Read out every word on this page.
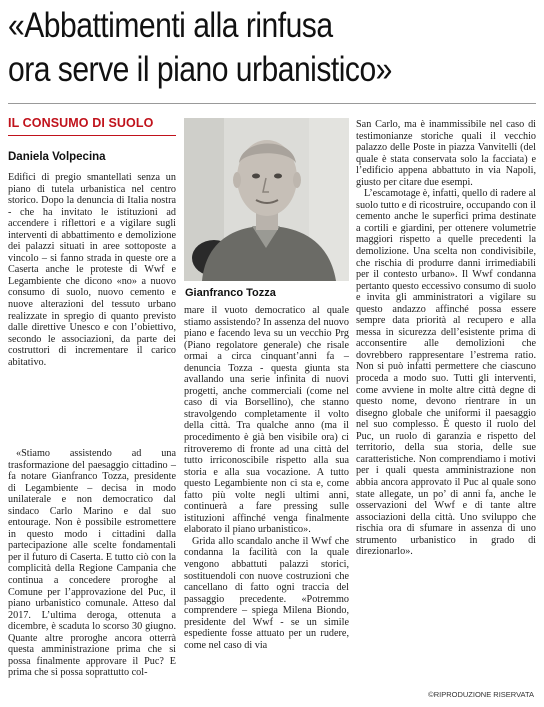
«Abbattimenti alla rinfusa
ora serve il piano urbanistico»
IL CONSUMO DI SUOLO

Daniela Volpecina

Edifici di pregio smantellati senza un piano di tutela urbanistica nel centro storico. Dopo la denuncia di Italia nostra - che ha invitato le istituzioni ad accendere i riflettori e a vigilare sugli interventi di abbattimento e demolizione dei palazzi situati in aree sottoposte a vincolo – si fanno strada in queste ore a Caserta anche le proteste di Wwf e Legambiente che dicono «no» a nuovo consumo di suolo, nuovo cemento e nuove alterazioni del tessuto urbano realizzate in spregio di quanto previsto dalle direttive Unesco e con l’obiettivo, secondo le associazioni, da parte dei costruttori di incrementare il carico abitativo.

«Stiamo assistendo ad una trasformazione del paesaggio cittadino – fa notare Gianfranco Tozza, presidente di Legambiente – decisa in modo unilaterale e non democratico dal sindaco Carlo Marino e dal suo entourage. Non è possibile estromettere in questo modo i cittadini dalla partecipazione alle scelte fondamentali per il futuro di Caserta. E tutto ciò con la complicità della Regione Campania che continua a concedere proroghe al Comune per l’approvazione del Puc, il piano urbanistico comunale. Atteso dal 2017. L’ultima deroga, ottenuta a dicembre, è scaduta lo scorso 30 giugno. Quante altre proroghe ancora otterrà questa amministrazione prima che si possa finalmente approvare il Puc? E prima che si possa soprattutto col-

Gianfranco Tozza

mare il vuoto democratico al quale stiamo assistendo? In assenza del nuovo piano e facendo leva su un vecchio Prg (Piano regolatore generale) che risale ormai a circa cinquant’anni fa – denuncia Tozza - questa giunta sta avallando una serie infinita di nuovi progetti, anche commerciali (come nel caso di via Borsellino), che stanno stravolgendo completamente il volto della città. Tra qualche anno (ma il procedimento è già ben visibile ora) ci ritroveremo di fronte ad una città del tutto irriconoscibile rispetto alla sua storia e alla sua vocazione. A tutto questo Legambiente non ci sta e, come fatto più volte negli ultimi anni, continuerà a fare pressing sulle istituzioni affinché venga finalmente elaborato il piano urbanistico».

Grida allo scandalo anche il Wwf che condanna la facilità con la quale vengono abbattuti palazzi storici, sostituendoli con nuove costruzioni che cancellano di fatto ogni traccia del passaggio precedente. «Potremmo comprendere – spiega Milena Biondo, presidente del Wwf - se un simile espediente fosse attuato per un rudere, come nel caso di via

San Carlo, ma è inammissibile nel caso di testimonianze storiche quali il vecchio palazzo delle Poste in piazza Vanvitelli (del quale è stata conservata solo la facciata) e l’edificio appena abbattuto in via Napoli, giusto per citare due esempi.

L’escamotage è, infatti, quello di radere al suolo tutto e di ricostruire, occupando con il cemento anche le superfici prima destinate a cortili e giardini, per ottenere volumetrie maggiori rispetto a quelle precedenti la demolizione. Una scelta non condivisibile, che rischia di produrre danni irrimediabili per il contesto urbano». Il Wwf condanna pertanto questo eccessivo consumo di suolo e invita gli amministratori a vigilare su questo andazzo affinché possa essere sempre data priorità al recupero e alla messa in sicurezza dell’esistente prima di acconsentire alle demolizioni che dovrebbero rappresentare l’estrema ratio. Non si può infatti permettere che ciascuno proceda a modo suo. Tutti gli interventi, come avviene in molte altre città degne di questo nome, devono rientrare in un disegno globale che uniformi il paesaggio nel suo complesso. È questo il ruolo del Puc, un ruolo di garanzia e rispetto del territorio, della sua storia, delle sue caratteristiche. Non comprendiamo i motivi per i quali questa amministrazione non abbia ancora approvato il Puc al quale sono state allegate, un po’ di anni fa, anche le osservazioni del Wwf e di tante altre associazioni della città. Uno sviluppo che rischia ora di sfumare in assenza di uno strumento urbanistico in grado di direzionarlo».

©RIPRODUZIONE RISERVATA
